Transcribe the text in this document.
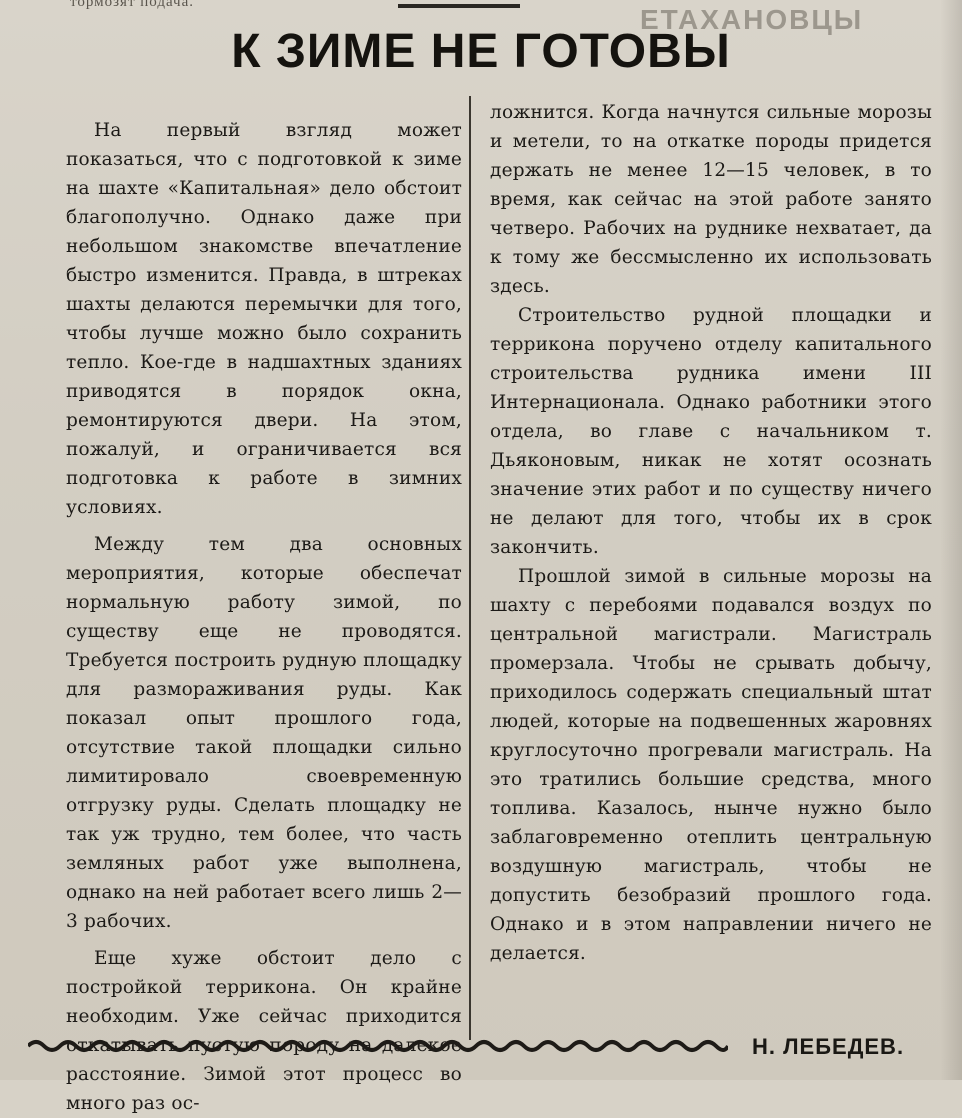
тормозят подача.
ЕТАХАНОВЦЫ
К ЗИМЕ НЕ ГОТОВЫ

На первый взгляд может показаться, что с подготовкой к зиме на шахте «Капитальная» дело обстоит благополучно. Однако даже при небольшом знакомстве впечатление быстро изменится. Правда, в штреках шахты делаются перемычки для того, чтобы лучше можно было сохранить тепло. Кое-где в надшахтных зданиях приводятся в порядок окна, ремонтируются двери. На этом, пожалуй, и ограничивается вся подготовка к работе в зимних условиях.

Между тем два основных мероприятия, которые обеспечат нормальную работу зимой, по существу еще не проводятся. Требуется построить рудную площадку для размораживания руды. Как показал опыт прошлого года, отсутствие такой площадки сильно лимитировало своевременную отгрузку руды. Сделать площадку не так уж трудно, тем более, что часть земляных работ уже выполнена, однако на ней работает всего лишь 2—3 рабочих.

Еще хуже обстоит дело с постройкой терриконa. Он крайне необходим. Уже сейчас приходится откатывать пустую породу на далекое расстояние. Зимой этот процесс во много раз ос-

ложнится. Когда начнутся сильные морозы и метели, то на откатке породы придется держать не менее 12—15 человек, в то время, как сейчас на этой работе занято четверо. Рабочих на руднике нехватает, да к тому же бессмысленно их использовать здесь.

Строительство рудной площадки и терриконa поручено отделу капитального строительства рудника имени III Интернационала. Однако работники этого отдела, во главе с начальником т. Дьяконовым, никак не хотят осознать значение этих работ и по существу ничего не делают для того, чтобы их в срок закончить.

Прошлой зимой в сильные морозы на шахту с перебоями подавался воздух по центральной магистрали. Магистраль промерзала. Чтобы не срывать добычу, приходилось содержать специальный штат людей, которые на подвешенных жаровнях круглосуточно прогревали магистраль. На это тратились большие средства, много топлива. Казалось, нынче нужно было заблаговременно отеплить центральную воздушную магистраль, чтобы не допустить безобразий прошлого года. Однако и в этом направлении ничего не делается.

Н. ЛЕБЕДЕВ.
